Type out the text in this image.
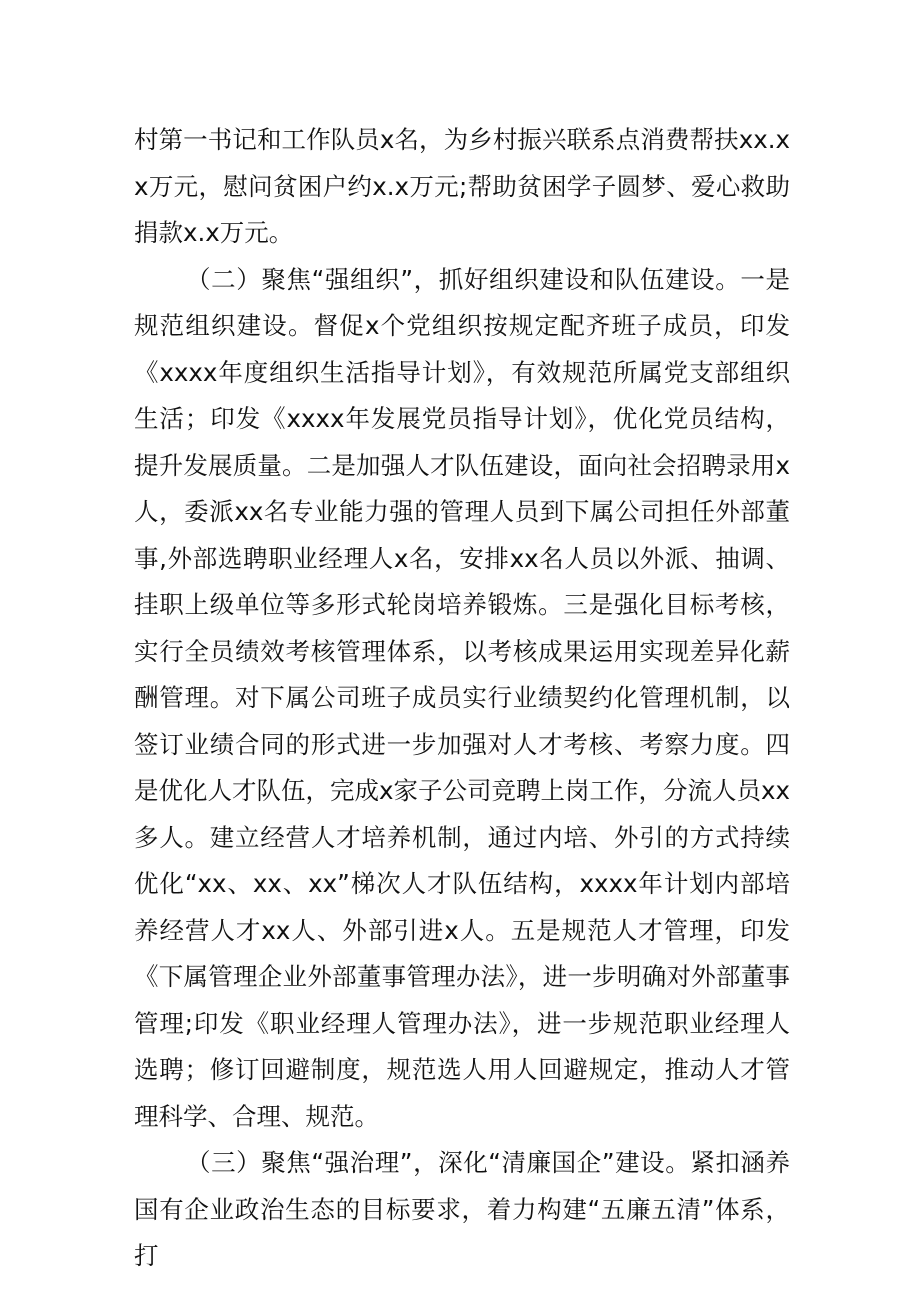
村第一书记和工作队员x名，为乡村振兴联系点消费帮扶xx.xx万元，慰问贫困户约x.x万元;帮助贫困学子圆梦、爱心救助捐款x.x万元。

（二）聚焦“强组织”，抓好组织建设和队伍建设。一是规范组织建设。督促x个党组织按规定配齐班子成员，印发《xxxx年度组织生活指导计划》，有效规范所属党支部组织生活；印发《xxxx年发展党员指导计划》，优化党员结构，提升发展质量。二是加强人才队伍建设，面向社会招聘录用x人，委派xx名专业能力强的管理人员到下属公司担任外部董事,外部选聘职业经理人x名，安排xx名人员以外派、抽调、挂职上级单位等多形式轮岗培养锻炼。三是强化目标考核，实行全员绩效考核管理体系，以考核成果运用实现差异化薪酬管理。对下属公司班子成员实行业绩契约化管理机制，以签订业绩合同的形式进一步加强对人才考核、考察力度。四是优化人才队伍，完成x家子公司竞聘上岗工作，分流人员xx多人。建立经营人才培养机制，通过内培、外引的方式持续优化“xx、xx、xx”梯次人才队伍结构，xxxx年计划内部培养经营人才xx人、外部引进x人。五是规范人才管理，印发《下属管理企业外部董事管理办法》，进一步明确对外部董事管理;印发《职业经理人管理办法》，进一步规范职业经理人选聘；修订回避制度，规范选人用人回避规定，推动人才管理科学、合理、规范。

（三）聚焦“强治理”，深化“清廉国企”建设。紧扣涵养国有企业政治生态的目标要求，着力构建“五廉五清”体系，打
